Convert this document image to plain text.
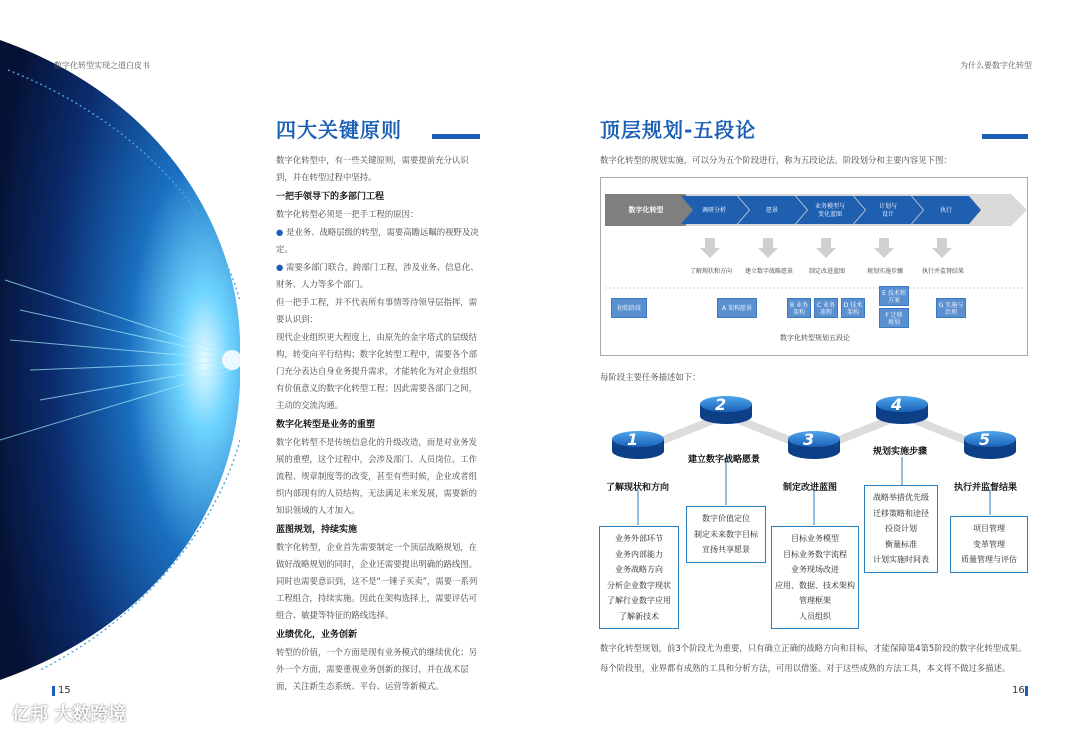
数字化转型实现之道白皮书	为什么要数字化转型
四大关键原则
数字化转型中，有一些关键原则，需要提前充分认识到，并在转型过程中坚持。
一把手领导下的多部门工程
数字化转型必须是一把手工程的原因：
● 是业务、战略层级的转型，需要高瞻远瞩的视野及决定。
● 需要多部门联合，跨部门工程，涉及业务、信息化、财务、人力等多个部门。
但一把手工程，并不代表所有事情等待领导层指挥，需要认识到：
现代企业组织更大程度上，由原先的金字塔式的层级结构，转变向平行结构；数字化转型工程中，需要各个部门充分表达自身业务提升需求，才能转化为对企业组织有价值意义的数字化转型工程；因此需要各部门之间，主动的交流沟通。
数字化转型是业务的重塑
数字化转型不是传统信息化的升级改造，而是对业务发展的重塑，这个过程中，会涉及部门、人员岗位、工作流程、规章制度等的改变，甚至有些时候，企业或者组织内部现有的人员结构，无法满足未来发展，需要新的知识领域的人才加入。
蓝图规划，持续实施
数字化转型，企业首先需要制定一个顶层战略规划，在做好战略规划的同时，企业还需要提出明确的路线图。
同时也需要意识到，这不是“一锤子买卖”，需要一系列工程组合，持续实施。因此在架构选择上，需要评估可组合、敏捷等特征的路线选择。
业绩优化，业务创新
转型的价值，一个方面是现有业务模式的继续优化；另外一个方面，需要重视业务创新的探讨，并在战术层面，关注新生态系统、平台、运营等新模式。
15
亿邦 大数跨境
顶层规划-五段论
数字化转型的规划实施，可以分为五个阶段进行，称为五段论法。阶段划分和主要内容见下图：
数字化转型	调研分析	愿景
业务模型与
变化蓝图
计划与
设计
执行
了解现状和方向	建立数字战略愿景	制定改进蓝图	规划实施步骤	执行并监督结果
初始阶段	A 架构愿景	B 业务
架构
C 业务
流程
D 技术
架构
E 技术和
方案
F 迁移
规划
G 实施与
治理
数字化转型规划五段论
每阶段主要任务描述如下：
1
2
3
4
5
了解现状和方向
建立数字战略愿景
制定改进蓝图
规划实施步骤
执行并监督结果
业务外部环节
业务内部能力
业务战略方向
分析企业数字现状
了解行业数字应用
了解新技术
数字价值定位
制定未来数字目标
宣扬共享愿景
目标业务模型
目标业务数字流程
业务现场改进
应用、数据、技术架构
管理框架
人员组织
战略举措优先级
迁移策略和途径
投资计划
衡量标准
计划实施时间表
项目管理
变革管理
质量管理与评估
数字化转型规划，前3个阶段尤为重要，只有确立正确的战略方向和目标，才能保障第4第5阶段的数字化转型成果。
每个阶段里，业界都有成熟的工具和分析方法，可用以借鉴。对于这些成熟的方法工具，本文将不做过多描述。
16
